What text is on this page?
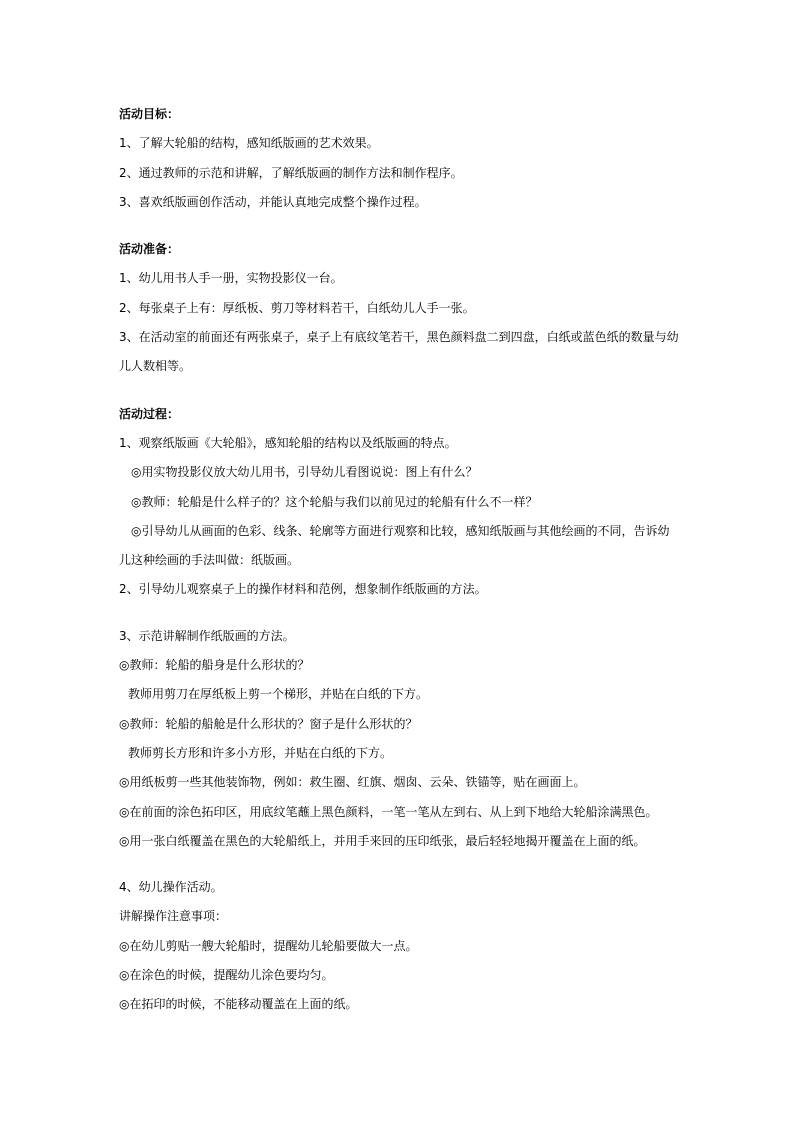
活动目标：
1、了解大轮船的结构，感知纸版画的艺术效果。
2、通过教师的示范和讲解，了解纸版画的制作方法和制作程序。
3、喜欢纸版画创作活动，并能认真地完成整个操作过程。
活动准备：
1、幼儿用书人手一册，实物投影仪一台。
2、每张桌子上有：厚纸板、剪刀等材料若干，白纸幼儿人手一张。
3、在活动室的前面还有两张桌子，桌子上有底纹笔若干，黑色颜料盘二到四盘，白纸或蓝色纸的数量与幼
儿人数相等。
活动过程：
1、观察纸版画《大轮船》，感知轮船的结构以及纸版画的特点。
◎用实物投影仪放大幼儿用书，引导幼儿看图说说：图上有什么？
◎教师：轮船是什么样子的？这个轮船与我们以前见过的轮船有什么不一样？
◎引导幼儿从画面的色彩、线条、轮廓等方面进行观察和比较，感知纸版画与其他绘画的不同，告诉幼
儿这种绘画的手法叫做：纸版画。
2、引导幼儿观察桌子上的操作材料和范例，想象制作纸版画的方法。
3、示范讲解制作纸版画的方法。
◎教师：轮船的船身是什么形状的？
教师用剪刀在厚纸板上剪一个梯形，并贴在白纸的下方。
◎教师：轮船的船舱是什么形状的？窗子是什么形状的？
教师剪长方形和许多小方形，并贴在白纸的下方。
◎用纸板剪一些其他装饰物，例如：救生圈、红旗、烟囱、云朵、铁锚等，贴在画面上。
◎在前面的涂色拓印区，用底纹笔蘸上黑色颜料，一笔一笔从左到右、从上到下地给大轮船涂满黑色。
◎用一张白纸覆盖在黑色的大轮船纸上，并用手来回的压印纸张，最后轻轻地揭开覆盖在上面的纸。
4、幼儿操作活动。
讲解操作注意事项：
◎在幼儿剪贴一艘大轮船时，提醒幼儿轮船要做大一点。
◎在涂色的时候，提醒幼儿涂色要均匀。
◎在拓印的时候，不能移动覆盖在上面的纸。
